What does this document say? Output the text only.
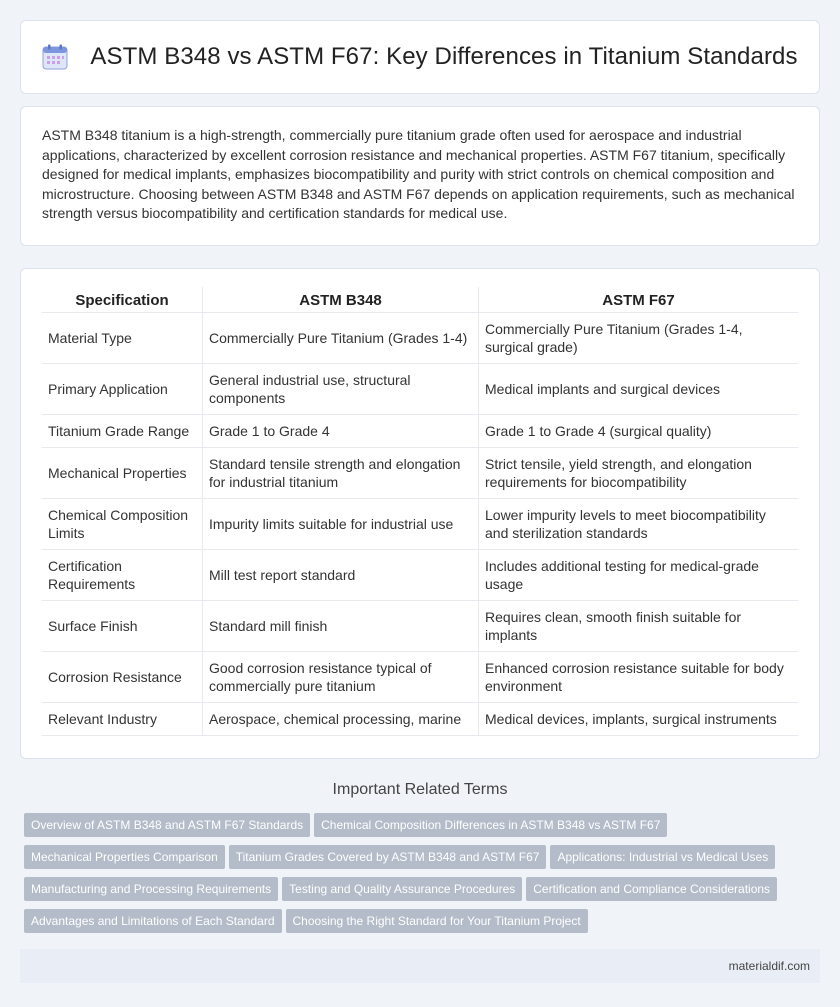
ASTM B348 vs ASTM F67: Key Differences in Titanium Standards
ASTM B348 titanium is a high-strength, commercially pure titanium grade often used for aerospace and industrial applications, characterized by excellent corrosion resistance and mechanical properties. ASTM F67 titanium, specifically designed for medical implants, emphasizes biocompatibility and purity with strict controls on chemical composition and microstructure. Choosing between ASTM B348 and ASTM F67 depends on application requirements, such as mechanical strength versus biocompatibility and certification standards for medical use.
Specification	ASTM B348	ASTM F67
Material Type	Commercially Pure Titanium (Grades 1-4)	Commercially Pure Titanium (Grades 1-4, surgical grade)
Primary Application	General industrial use, structural components	Medical implants and surgical devices
Titanium Grade Range	Grade 1 to Grade 4	Grade 1 to Grade 4 (surgical quality)
Mechanical Properties	Standard tensile strength and elongation for industrial titanium	Strict tensile, yield strength, and elongation requirements for biocompatibility
Chemical Composition Limits	Impurity limits suitable for industrial use	Lower impurity levels to meet biocompatibility and sterilization standards
Certification Requirements	Mill test report standard	Includes additional testing for medical-grade usage
Surface Finish	Standard mill finish	Requires clean, smooth finish suitable for implants
Corrosion Resistance	Good corrosion resistance typical of commercially pure titanium	Enhanced corrosion resistance suitable for body environment
Relevant Industry	Aerospace, chemical processing, marine	Medical devices, implants, surgical instruments
Important Related Terms
Overview of ASTM B348 and ASTM F67 Standards Chemical Composition Differences in ASTM B348 vs ASTM F67Mechanical Properties Comparison Titanium Grades Covered by ASTM B348 and ASTM F67 Applications: Industrial vs Medical UsesManufacturing and Processing Requirements Testing and Quality Assurance Procedures Certification and Compliance ConsiderationsAdvantages and Limitations of Each Standard Choosing the Right Standard for Your Titanium Project
materialdif.com
